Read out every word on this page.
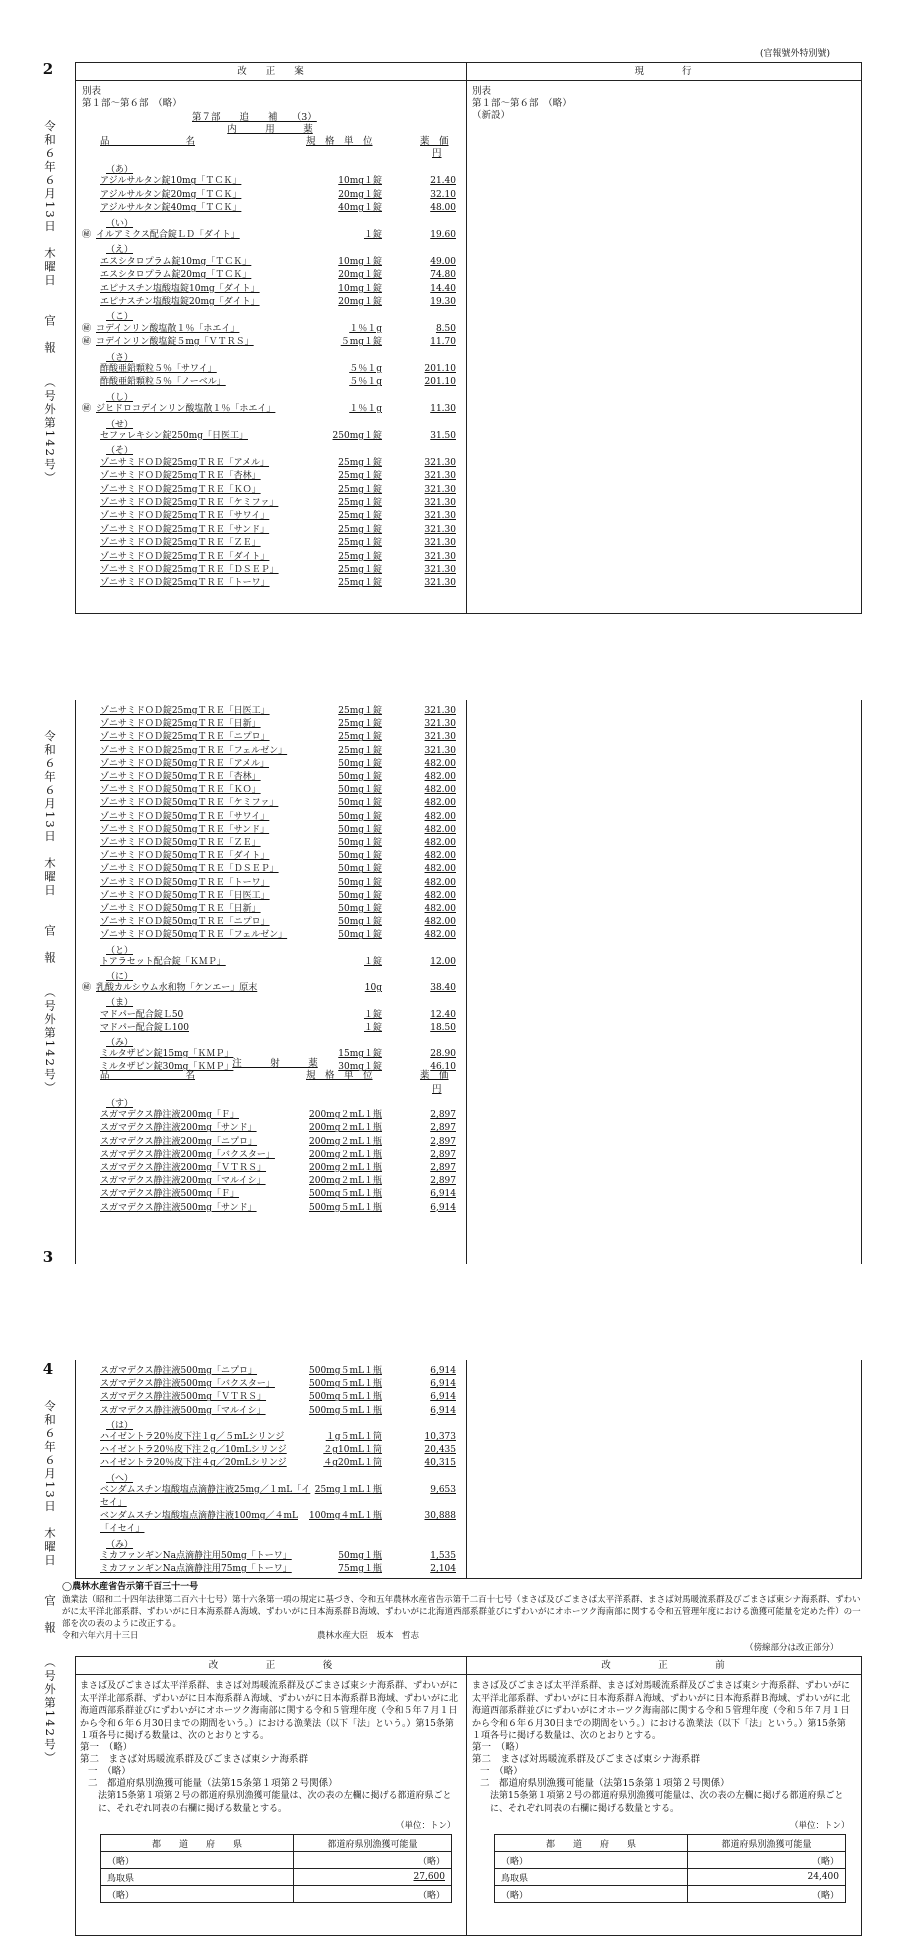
(官報號外特別號)
2
令和６年６月13日　木曜日　　官　報　　（号外第142号）
改　　正　　案	現　　　　行
別表
第１部～第６部　（略）
別表
第１部～第６部　（略）
（新設）
第７部　　追　　補　　（3）
内　　　用　　　薬
品　　　　　　　　名	規　格　単　位	薬　価
円
（あ）
アジルサルタン錠10mg「ＴＣＫ」	10mg１錠	21.40
アジルサルタン錠20mg「ＴＣＫ」	20mg１錠	32.10
アジルサルタン錠40mg「ＴＣＫ」	40mg１錠	48.00
（い）
㊙ イルアミクス配合錠ＬＤ「ダイト」	１錠	19.60
（え）
エスシタロプラム錠10mg「ＴＣＫ」	10mg１錠	49.00
エスシタロプラム錠20mg「ＴＣＫ」	20mg１錠	74.80
エピナスチン塩酸塩錠10mg「ダイト」	10mg１錠	14.40
エピナスチン塩酸塩錠20mg「ダイト」	20mg１錠	19.30
（こ）
㊙ コデインリン酸塩散１％「ホエイ」	１％１g	8.50
㊙ コデインリン酸塩錠５mg「ＶＴＲＳ」	５mg１錠	11.70
（さ）
酢酸亜鉛顆粒５％「サワイ」	５％１g	201.10
酢酸亜鉛顆粒５％「ノーベル」	５％１g	201.10
（し）
㊙ ジヒドロコデインリン酸塩散１％「ホエイ」	１％１g	11.30
（せ）
セファレキシン錠250mg「日医工」	250mg１錠	31.50
（そ）
ゾニサミドＯＤ錠25mgＴＲＥ「アメル」	25mg１錠	321.30
ゾニサミドＯＤ錠25mgＴＲＥ「杏林」	25mg１錠	321.30
ゾニサミドＯＤ錠25mgＴＲＥ「ＫＯ」	25mg１錠	321.30
ゾニサミドＯＤ錠25mgＴＲＥ「ケミファ」	25mg１錠	321.30
ゾニサミドＯＤ錠25mgＴＲＥ「サワイ」	25mg１錠	321.30
ゾニサミドＯＤ錠25mgＴＲＥ「サンド」	25mg１錠	321.30
ゾニサミドＯＤ錠25mgＴＲＥ「ＺＥ」	25mg１錠	321.30
ゾニサミドＯＤ錠25mgＴＲＥ「ダイト」	25mg１錠	321.30
ゾニサミドＯＤ錠25mgＴＲＥ「ＤＳＥＰ」	25mg１錠	321.30
ゾニサミドＯＤ錠25mgＴＲＥ「トーワ」	25mg１錠	321.30
令和６年６月13日　木曜日　　官　報　　（号外第142号）
3
ゾニサミドＯＤ錠25mgＴＲＥ「日医工」	25mg１錠	321.30
ゾニサミドＯＤ錠25mgＴＲＥ「日新」	25mg１錠	321.30
ゾニサミドＯＤ錠25mgＴＲＥ「ニプロ」	25mg１錠	321.30
ゾニサミドＯＤ錠25mgＴＲＥ「フェルゼン」	25mg１錠	321.30
ゾニサミドＯＤ錠50mgＴＲＥ「アメル」	50mg１錠	482.00
ゾニサミドＯＤ錠50mgＴＲＥ「杏林」	50mg１錠	482.00
ゾニサミドＯＤ錠50mgＴＲＥ「ＫＯ」	50mg１錠	482.00
ゾニサミドＯＤ錠50mgＴＲＥ「ケミファ」	50mg１錠	482.00
ゾニサミドＯＤ錠50mgＴＲＥ「サワイ」	50mg１錠	482.00
ゾニサミドＯＤ錠50mgＴＲＥ「サンド」	50mg１錠	482.00
ゾニサミドＯＤ錠50mgＴＲＥ「ＺＥ」	50mg１錠	482.00
ゾニサミドＯＤ錠50mgＴＲＥ「ダイト」	50mg１錠	482.00
ゾニサミドＯＤ錠50mgＴＲＥ「ＤＳＥＰ」	50mg１錠	482.00
ゾニサミドＯＤ錠50mgＴＲＥ「トーワ」	50mg１錠	482.00
ゾニサミドＯＤ錠50mgＴＲＥ「日医工」	50mg１錠	482.00
ゾニサミドＯＤ錠50mgＴＲＥ「日新」	50mg１錠	482.00
ゾニサミドＯＤ錠50mgＴＲＥ「ニプロ」	50mg１錠	482.00
ゾニサミドＯＤ錠50mgＴＲＥ「フェルゼン」	50mg１錠	482.00
（と）
トアラセット配合錠「ＫＭＰ」	１錠	12.00
（に）
㊙ 乳酸カルシウム水和物「ケンエー」原末	10g	38.40
（ま）
マドパー配合錠Ｌ50	１錠	12.40
マドパー配合錠Ｌ100	１錠	18.50
（み）
ミルタザピン錠15mg「ＫＭＰ」	15mg１錠	28.90
ミルタザピン錠30mg「ＫＭＰ」	30mg１錠	46.10
注　　　射　　　薬
品　　　　　　　　名	規　格　単　位	薬　価
円
（す）
スガマデクス静注液200mg「Ｆ」	200mg２mL１瓶	2,897
スガマデクス静注液200mg「サンド」	200mg２mL１瓶	2,897
スガマデクス静注液200mg「ニプロ」	200mg２mL１瓶	2,897
スガマデクス静注液200mg「バクスター」	200mg２mL１瓶	2,897
スガマデクス静注液200mg「ＶＴＲＳ」	200mg２mL１瓶	2,897
スガマデクス静注液200mg「マルイシ」	200mg２mL１瓶	2,897
スガマデクス静注液500mg「Ｆ」	500mg５mL１瓶	6,914
スガマデクス静注液500mg「サンド」	500mg５mL１瓶	6,914
4
令和６年６月13日　木曜日　　官　報　　（号外第142号）
スガマデクス静注液500mg「ニプロ」	500mg５mL１瓶	6,914
スガマデクス静注液500mg「バクスター」	500mg５mL１瓶	6,914
スガマデクス静注液500mg「ＶＴＲＳ」	500mg５mL１瓶	6,914
スガマデクス静注液500mg「マルイシ」	500mg５mL１瓶	6,914
（は）
ハイゼントラ20％皮下注１g／５mLシリンジ	１g５mL１筒	10,373
ハイゼントラ20％皮下注２g／10mLシリンジ	２g10mL１筒	20,435
ハイゼントラ20％皮下注４g／20mLシリンジ	４g20mL１筒	40,315
（へ）
ベンダムスチン塩酸塩点滴静注液25mg／１mL「イ 25mg１mL１瓶	9,653
セイ」
ベンダムスチン塩酸塩点滴静注液100mg／４mL 100mg４mL１瓶	30,888
「イセイ」
（み）
ミカファンギンNa点滴静注用50mg「トーワ」	50mg１瓶	1,535
ミカファンギンNa点滴静注用75mg「トーワ」	75mg１瓶	2,104
◯農林水産省告示第千百三十一号
漁業法（昭和二十四年法律第二百六十七号）第十六条第一項の規定に基づき、令和五年農林水産省告示第千二百十七号（まさば及びごまさば太平洋系群、まさば対馬暖流系群及びごまさば東シナ海系群、ずわいがに太平洋北部系群、ずわいがに日本海系群Ａ海域、ずわいがに日本海系群Ｂ海域、ずわいがに北海道西部系群並びにずわいがにオホーツク海南部に関する令和五管理年度における漁獲可能量を定めた件）の一部を次の表のように改正する。
令和六年六月十三日　　　　　　　　　　　　　　　　　　　　　農林水産大臣　坂本　哲志
（傍線部分は改正部分）
改　　　　　正　　　　　後	改　　　　　正　　　　　前
まさば及びごまさば太平洋系群、まさば対馬暖流系群及びごまさば東シナ海系群、ずわいがに太平洋北部系群、ずわいがに日本海系群Ａ海域、ずわいがに日本海系群Ｂ海域、ずわいがに北海道西部系群並びにずわいがにオホーツク海南部に関する令和５管理年度（令和５年７月１日から令和６年６月30日までの期間をいう。）における漁業法（以下「法」という。）第15条第１項各号に掲げる数量は、次のとおりとする。
第一　（略）
第二　まさば対馬暖流系群及びごまさば東シナ海系群
一　（略）
二　都道府県別漁獲可能量（法第15条第１項第２号関係）
法第15条第１項第２号の都道府県別漁獲可能量は、次の表の左欄に掲げる都道府県ごとに、それぞれ同表の右欄に掲げる数量とする。
（単位：トン）
都　　道　　府　　県	都道府県別漁獲可能量
（略）	（略）
鳥取県	27,600
（略）	（略）
まさば及びごまさば太平洋系群、まさば対馬暖流系群及びごまさば東シナ海系群、ずわいがに太平洋北部系群、ずわいがに日本海系群Ａ海域、ずわいがに日本海系群Ｂ海域、ずわいがに北海道西部系群並びにずわいがにオホーツク海南部に関する令和５管理年度（令和５年７月１日から令和６年６月30日までの期間をいう。）における漁業法（以下「法」という。）第15条第１項各号に掲げる数量は、次のとおりとする。
第一　（略）
第二　まさば対馬暖流系群及びごまさば東シナ海系群
一　（略）
二　都道府県別漁獲可能量（法第15条第１項第２号関係）
法第15条第１項第２号の都道府県別漁獲可能量は、次の表の左欄に掲げる都道府県ごとに、それぞれ同表の右欄に掲げる数量とする。
（単位：トン）
都　　道　　府　　県	都道府県別漁獲可能量
（略）	（略）
鳥取県	24,400
（略）	（略）
